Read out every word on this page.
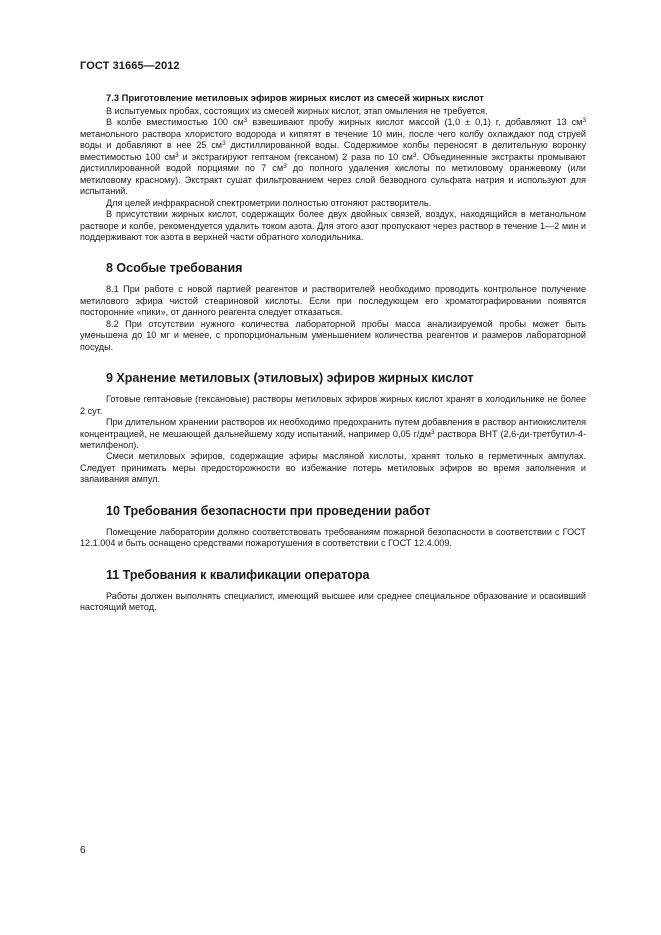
ГОСТ 31665—2012
7.3 Приготовление метиловых эфиров жирных кислот из смесей жирных кислот

В испытуемых пробах, состоящих из смесей жирных кислот, этап омыления не требуется.

В колбе вместимостью 100 $см^3$ взвешивают пробу жирных кислот массой (1,0 ± 0,1) г, добавляют 13 $см^3$ метанольного раствора хлористого водорода и кипятят в течение 10 мин, после чего колбу охлаждают под струей воды и добавляют в нее 25 $см^3$ дистиллированной воды. Содержимое колбы переносят в делительную воронку вместимостью 100 $см^3$ и экстрагируют гептаном (гексаном) 2 раза по 10 $см^3$. Объединенные экстракты промывают дистиллированной водой порциями по 7 $см^3$ до полного удаления кислоты по метиловому оранжевому (или метиловому красному). Экстракт сушат фильтрованием через слой безводного сульфата натрия и используют для испытаний.

Для целей инфракрасной спектрометрии полностью отгоняют растворитель.

В присутствии жирных кислот, содержащих более двух двойных связей, воздух, находящийся в метанольном растворе и колбе, рекомендуется удалить током азота. Для этого азот пропускают через раствор в течение 1—2 мин и поддерживают ток азота в верхней части обратного холодильника.

8 Особые требования

8.1 При работе с новой партией реагентов и растворителей необходимо проводить контрольное получение метилового эфира чистой стеариновой кислоты. Если при последующем его хроматографировании появятся посторонние «пики», от данного реагента следует отказаться.

8.2 При отсутствии нужного количества лабораторной пробы масса анализируемой пробы может быть уменьшена до 10 мг и менее, с пропорциональным уменьшением количества реагентов и размеров лабораторной посуды.

9 Хранение метиловых (этиловых) эфиров жирных кислот

Готовые гептановые (гексановые) растворы метиловых эфиров жирных кислот хранят в холодильнике не более 2 сут.

При длительном хранении растворов их необходимо предохранить путем добавления в раствор антиокислителя концентрацией, не мешающей дальнейшему ходу испытаний, например 0,05 $г/дм^3$ раствора ВНТ (2,6-ди-третбутил-4-метилфенол).

Смеси метиловых эфиров, содержащие эфиры масляной кислоты, хранят только в герметичных ампулах. Следует принимать меры предосторожности во избежание потерь метиловых эфиров во время заполнения и запаивания ампул.

10 Требования безопасности при проведении работ

Помещение лаборатории должно соответствовать требованиям пожарной безопасности в соответствии с ГОСТ 12.1.004 и быть оснащено средствами пожаротушения в соответствии с ГОСТ 12.4.009.

11 Требования к квалификации оператора

Работы должен выполнять специалист, имеющий высшее или среднее специальное образование и освоивший настоящий метод.

6
